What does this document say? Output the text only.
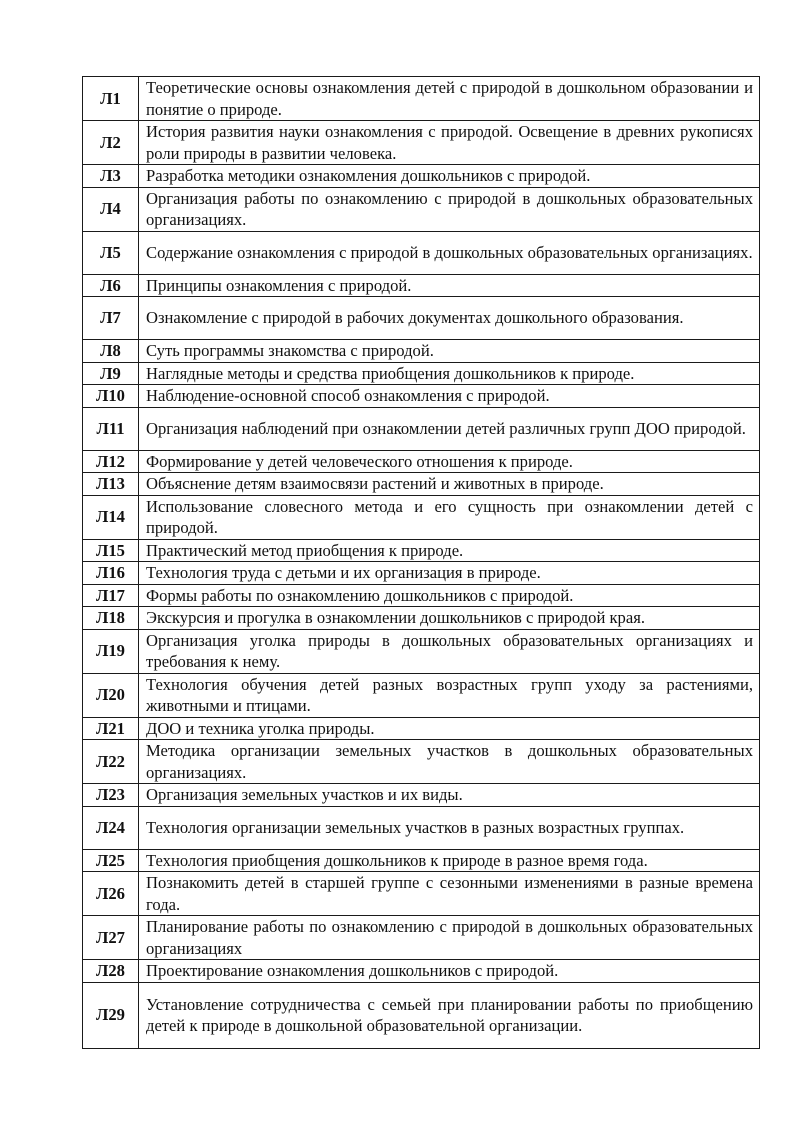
Л1	Теоретические основы ознакомления детей с природой в дошкольном образовании и понятие о природе.
Л2	История развития науки ознакомления с природой. Освещение в древних рукописях роли природы в развитии человека.
Л3	Разработка методики ознакомления дошкольников с природой.
Л4	Организация работы по ознакомлению с природой в дошкольных образовательных организациях.
Л5	Содержание ознакомления с природой в дошкольных образовательных организациях.
Л6	Принципы ознакомления с природой.
Л7	Ознакомление с природой в рабочих документах дошкольного образования.
Л8	Суть программы знакомства с природой.
Л9	Наглядные методы и средства приобщения дошкольников к природе.
Л10	Наблюдение-основной способ ознакомления с природой.
Л11	Организация наблюдений при ознакомлении детей различных групп ДОО природой.
Л12	Формирование у детей человеческого отношения к природе.
Л13	Объяснение детям взаимосвязи растений и животных в природе.
Л14	Использование словесного метода и его сущность при ознакомлении детей с природой.
Л15	Практический метод приобщения к природе.
Л16	Технология труда с детьми и их организация в природе.
Л17	Формы работы по ознакомлению дошкольников с природой.
Л18	Экскурсия и прогулка в ознакомлении дошкольников с природой края.
Л19	Организация уголка природы в дошкольных образовательных организациях и требования к нему.
Л20	Технология обучения детей разных возрастных групп уходу за растениями, животными и птицами.
Л21	ДОО и техника уголка природы.
Л22	Методика организации земельных участков в дошкольных образовательных организациях.
Л23	Организация земельных участков и их виды.
Л24	Технология организации земельных участков в разных возрастных группах.
Л25	Технология приобщения дошкольников к природе в разное время года.
Л26	Познакомить детей в старшей группе с сезонными изменениями в разные времена года.
Л27	Планирование работы по ознакомлению с природой в дошкольных образовательных организациях
Л28	Проектирование ознакомления дошкольников с природой.
Л29	Установление сотрудничества с семьей при планировании работы по приобщению детей к природе в дошкольной образовательной организации.
